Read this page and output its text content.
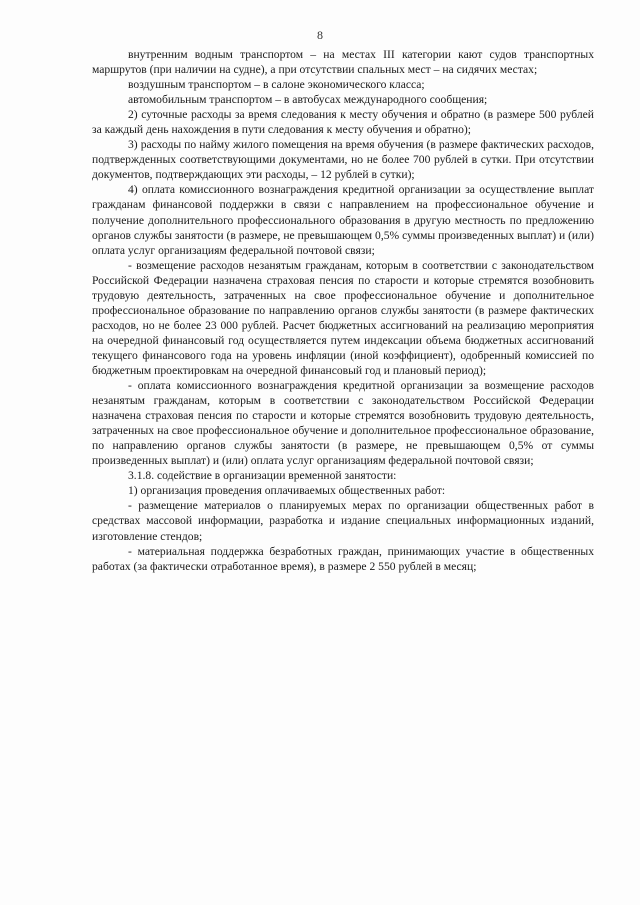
8

внутренним водным транспортом – на местах III категории кают судов транспортных маршрутов (при наличии на судне), а при отсутствии спальных мест – на сидячих местах;

воздушным транспортом – в салоне экономического класса;

автомобильным транспортом – в автобусах международного сообщения;

2) суточные расходы за время следования к месту обучения и обратно (в размере 500 рублей за каждый день нахождения в пути следования к месту обучения и обратно);

3) расходы по найму жилого помещения на время обучения (в размере фактических расходов, подтвержденных соответствующими документами, но не более 700 рублей в сутки. При отсутствии документов, подтверждающих эти расходы, – 12 рублей в сутки);

4) оплата комиссионного вознаграждения кредитной организации за осуществление выплат гражданам финансовой поддержки в связи с направлением на профессиональное обучение и получение дополнительного профессионального образования в другую местность по предложению органов службы занятости (в размере, не превышающем 0,5% суммы произведенных выплат) и (или) оплата услуг организациям федеральной почтовой связи;

- возмещение расходов незанятым гражданам, которым в соответствии с законодательством Российской Федерации назначена страховая пенсия по старости и которые стремятся возобновить трудовую деятельность, затраченных на свое профессиональное обучение и дополнительное профессиональное образование по направлению органов службы занятости (в размере фактических расходов, но не более 23 000 рублей. Расчет бюджетных ассигнований на реализацию мероприятия на очередной финансовый год осуществляется путем индексации объема бюджетных ассигнований текущего финансового года на уровень инфляции (иной коэффициент), одобренный комиссией по бюджетным проектировкам на очередной финансовый год и плановый период);

- оплата комиссионного вознаграждения кредитной организации за возмещение расходов незанятым гражданам, которым в соответствии с законодательством Российской Федерации назначена страховая пенсия по старости и которые стремятся возобновить трудовую деятельность, затраченных на свое профессиональное обучение и дополнительное профессиональное образование, по направлению органов службы занятости (в размере, не превышающем 0,5% от суммы произведенных выплат) и (или) оплата услуг организациям федеральной почтовой связи;

3.1.8. содействие в организации временной занятости:

1) организация проведения оплачиваемых общественных работ:

- размещение материалов о планируемых мерах по организации общественных работ в средствах массовой информации, разработка и издание специальных информационных изданий, изготовление стендов;

- материальная поддержка безработных граждан, принимающих участие в общественных работах (за фактически отработанное время), в размере 2 550 рублей в месяц;
